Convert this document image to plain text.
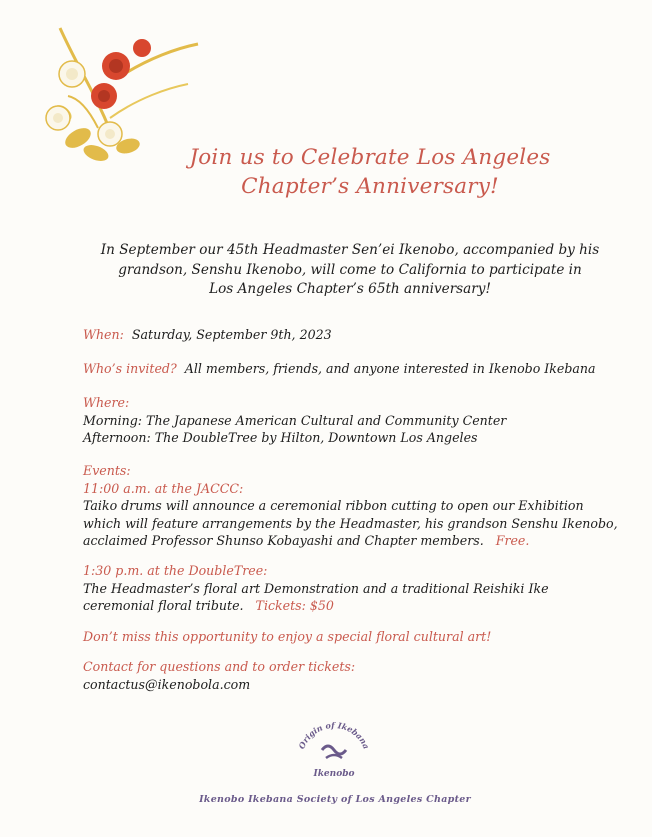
Join us to Celebrate Los Angeles
Chapter’s Anniversary!
In September our 45th Headmaster Sen’ei Ikenobo, accompanied by his
grandson, Senshu Ikenobo, will come to California to participate in
Los Angeles Chapter’s 65th anniversary!
When: Saturday, September 9th, 2023
Who’s invited? All members, friends, and anyone interested in Ikenobo Ikebana
Where:
Morning: The Japanese American Cultural and Community Center
Afternoon: The DoubleTree by Hilton, Downtown Los Angeles
Events:
11:00 a.m. at the JACCC:
Taiko drums will announce a ceremonial ribbon cutting to open our Exhibition
which will feature arrangements by the Headmaster, his grandson Senshu Ikenobo,
acclaimed Professor Shunso Kobayashi and Chapter members. Free.
1:30 p.m. at the DoubleTree:
The Headmaster’s floral art Demonstration and a traditional Reishiki Ike
ceremonial floral tribute. Tickets: $50
Don’t miss this opportunity to enjoy a special floral cultural art!
Contact for questions and to order tickets:
contactus@ikenobola.com
Origin of Ikebana
Ikenobo
Ikenobo Ikebana Society of Los Angeles Chapter
